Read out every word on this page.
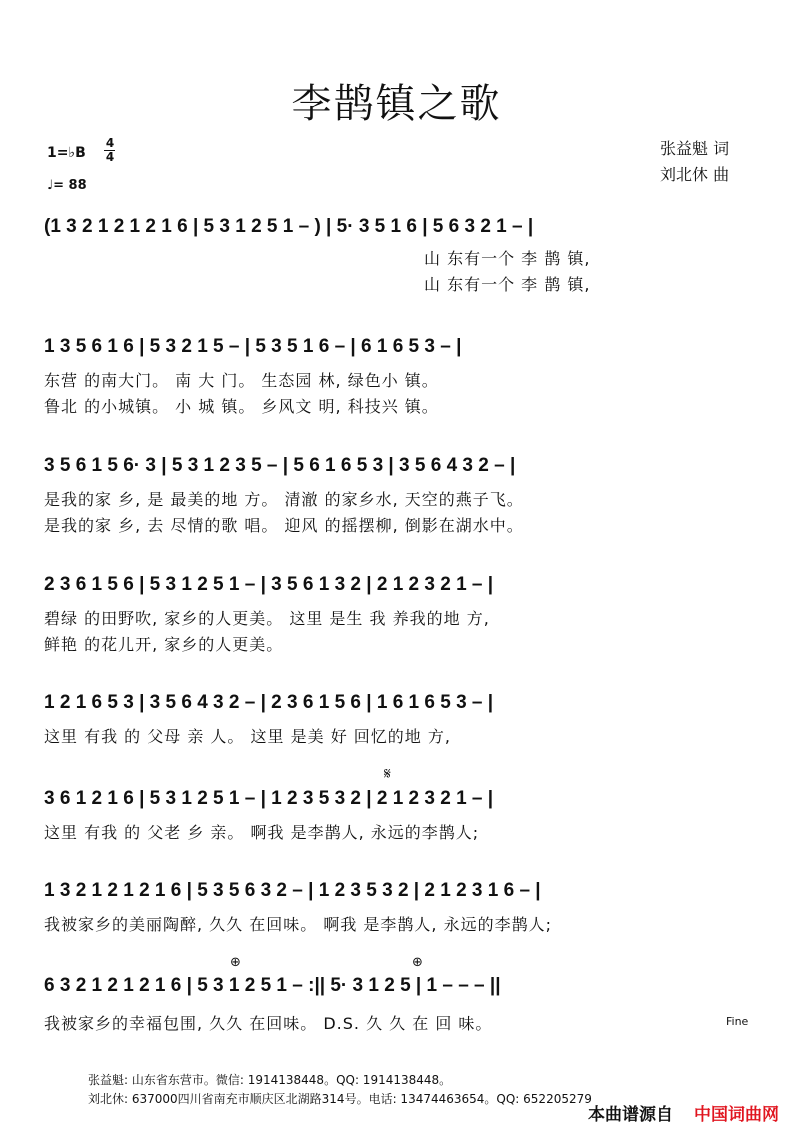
李鹊镇之歌
张益魁 词
刘北休 曲
1=♭B
4
4
♩= 88
(1 3 2 1 2 1 2 1 6 | 5 3 1 2 5 1 – ) | 5· 3 5 1 6 | 5 6 3 2 1 – |
山 东有一个 李 鹊 镇,
山 东有一个 李 鹊 镇,
1 3 5 6 1 6 | 5 3 2 1 5 – | 5 3 5 1 6 – | 6 1 6 5 3 – |
东营 的南大门。 南 大 门。 生态园 林, 绿色小 镇。
鲁北 的小城镇。 小 城 镇。 乡风文 明, 科技兴 镇。
3 5 6 1 5 6· 3 | 5 3 1 2 3 5 – | 5 6 1 6 5 3 | 3 5 6 4 3 2 – |
是我的家 乡, 是 最美的地 方。 清澈 的家乡水, 天空的燕子飞。
是我的家 乡, 去 尽情的歌 唱。 迎风 的摇摆柳, 倒影在湖水中。
2 3 6 1 5 6 | 5 3 1 2 5 1 – | 3 5 6 1 3 2 | 2 1 2 3 2 1 – |
碧绿 的田野吹, 家乡的人更美。 这里 是生 我 养我的地 方,
鲜艳 的花儿开, 家乡的人更美。
1 2 1 6 5 3 | 3 5 6 4 3 2 – | 2 3 6 1 5 6 | 1 6 1 6 5 3 – |
这里 有我 的 父母 亲 人。 这里 是美 好 回忆的地 方,
𝄋
3 6 1 2 1 6 | 5 3 1 2 5 1 – | 1 2 3 5 3 2 | 2 1 2 3 2 1 – |
这里 有我 的 父老 乡 亲。 啊我 是李鹊人, 永远的李鹊人;
1 3 2 1 2 1 2 1 6 | 5 3 5 6 3 2 – | 1 2 3 5 3 2 | 2 1 2 3 1 6 – |
我被家乡的美丽陶醉, 久久 在回味。 啊我 是李鹊人, 永远的李鹊人;
⊕	⊕
6 3 2 1 2 1 2 1 6 | 5 3 1 2 5 1 – :|| 5· 3 1 2 5 | 1 – – – ||
我被家乡的幸福包围, 久久 在回味。 D.S. 久 久 在 回 味。	Fine
张益魁: 山东省东营市。微信: 1914138448。QQ: 1914138448。
刘北休: 637000四川省南充市顺庆区北湖路314号。电话: 13474463654。QQ: 652205279
本曲谱源自 中国词曲网
